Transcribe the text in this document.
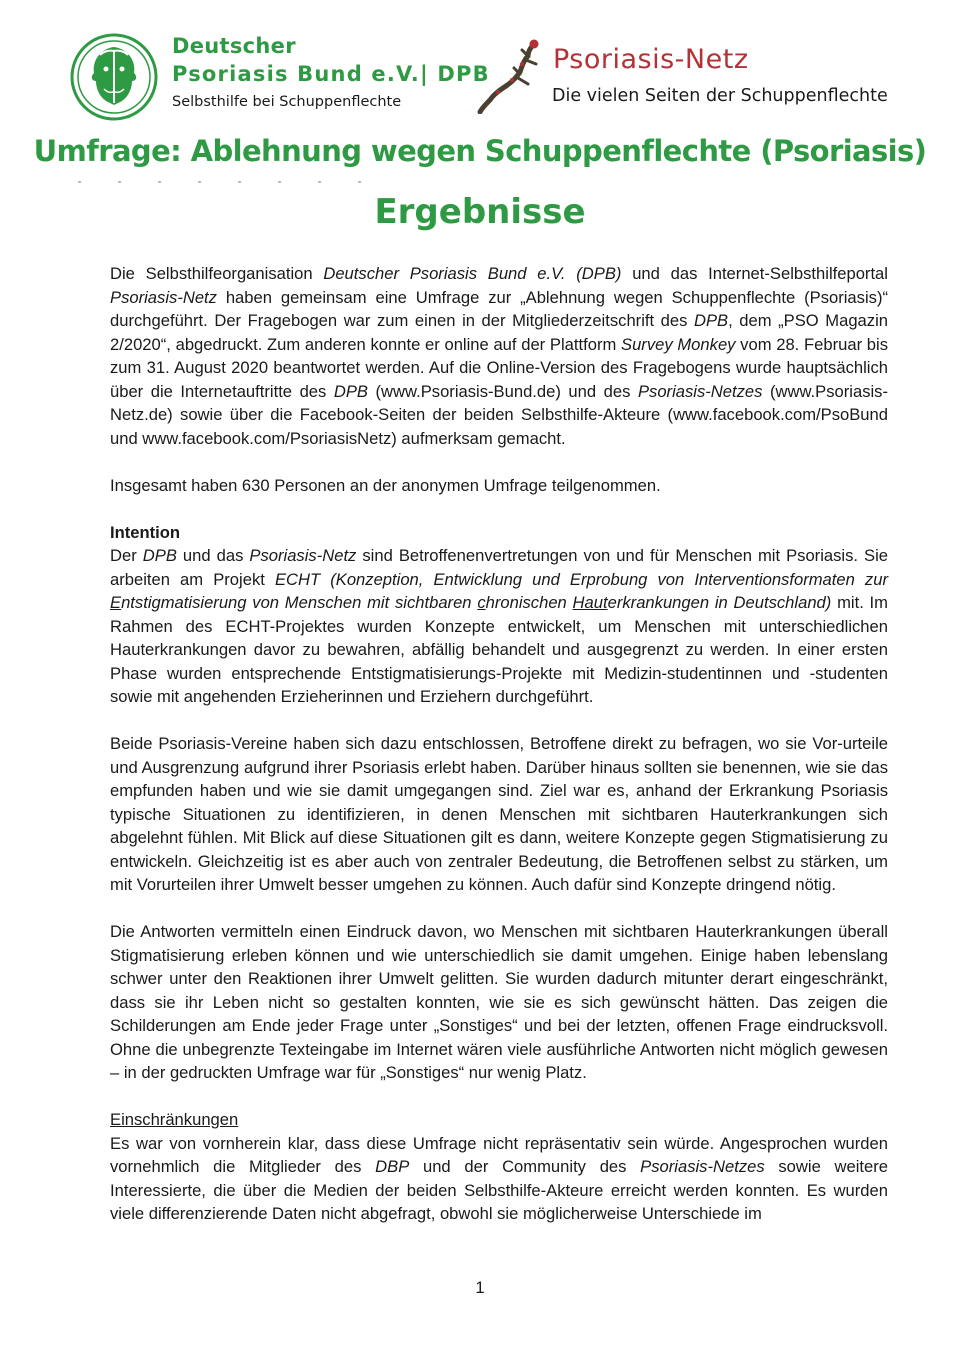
Deutscher
Psoriasis Bund e.V.| DPB
Selbsthilfe bei Schuppenflechte
Psoriasis-Netz
Die vielen Seiten der Schuppenflechte
Umfrage: Ablehnung wegen Schuppenflechte (Psoriasis)
Ergebnisse

Die Selbsthilfeorganisation Deutscher Psoriasis Bund e.V. (DPB) und das Internet-Selbsthilfeportal Psoriasis-Netz haben gemeinsam eine Umfrage zur „Ablehnung wegen Schuppenflechte (Psoriasis)“ durchgeführt. Der Fragebogen war zum einen in der Mitgliederzeitschrift des DPB, dem „PSO Magazin 2/2020“, abgedruckt. Zum anderen konnte er online auf der Plattform Survey Monkey vom 28. Februar bis zum 31. August 2020 beantwortet werden. Auf die Online-Version des Fragebogens wurde hauptsächlich über die Internetauftritte des DPB (www.Psoriasis-Bund.de) und des Psoriasis-Netzes (www.Psoriasis-Netz.de) sowie über die Facebook-Seiten der beiden Selbsthilfe-Akteure (www.facebook.com/PsoBund und www.facebook.com/PsoriasisNetz) aufmerksam gemacht.

Insgesamt haben 630 Personen an der anonymen Umfrage teilgenommen.

Intention

Der DPB und das Psoriasis-Netz sind Betroffenenvertretungen von und für Menschen mit Psoriasis. Sie arbeiten am Projekt ECHT (Konzeption, Entwicklung und Erprobung von Interventionsformaten zur Entstigmatisierung von Menschen mit sichtbaren chronischen Hauterkrankungen in Deutschland) mit. Im Rahmen des ECHT-Projektes wurden Konzepte entwickelt, um Menschen mit unterschiedlichen Hauterkrankungen davor zu bewahren, abfällig behandelt und ausgegrenzt zu werden. In einer ersten Phase wurden entsprechende Entstigmatisierungs-Projekte mit Medizin-studentinnen und -studenten sowie mit angehenden Erzieherinnen und Erziehern durchgeführt.

Beide Psoriasis-Vereine haben sich dazu entschlossen, Betroffene direkt zu befragen, wo sie Vor-urteile und Ausgrenzung aufgrund ihrer Psoriasis erlebt haben. Darüber hinaus sollten sie benennen, wie sie das empfunden haben und wie sie damit umgegangen sind. Ziel war es, anhand der Erkrankung Psoriasis typische Situationen zu identifizieren, in denen Menschen mit sichtbaren Hauterkrankungen sich abgelehnt fühlen. Mit Blick auf diese Situationen gilt es dann, weitere Konzepte gegen Stigmatisierung zu entwickeln. Gleichzeitig ist es aber auch von zentraler Bedeutung, die Betroffenen selbst zu stärken, um mit Vorurteilen ihrer Umwelt besser umgehen zu können. Auch dafür sind Konzepte dringend nötig.

Die Antworten vermitteln einen Eindruck davon, wo Menschen mit sichtbaren Hauterkrankungen überall Stigmatisierung erleben können und wie unterschiedlich sie damit umgehen. Einige haben lebenslang schwer unter den Reaktionen ihrer Umwelt gelitten. Sie wurden dadurch mitunter derart eingeschränkt, dass sie ihr Leben nicht so gestalten konnten, wie sie es sich gewünscht hätten. Das zeigen die Schilderungen am Ende jeder Frage unter „Sonstiges“ und bei der letzten, offenen Frage eindrucksvoll. Ohne die unbegrenzte Texteingabe im Internet wären viele ausführliche Antworten nicht möglich gewesen – in der gedruckten Umfrage war für „Sonstiges“ nur wenig Platz.

Einschränkungen

Es war von vornherein klar, dass diese Umfrage nicht repräsentativ sein würde. Angesprochen wurden vornehmlich die Mitglieder des DBP und der Community des Psoriasis-Netzes sowie weitere Interessierte, die über die Medien der beiden Selbsthilfe-Akteure erreicht werden konnten. Es wurden viele differenzierende Daten nicht abgefragt, obwohl sie möglicherweise Unterschiede im

1
